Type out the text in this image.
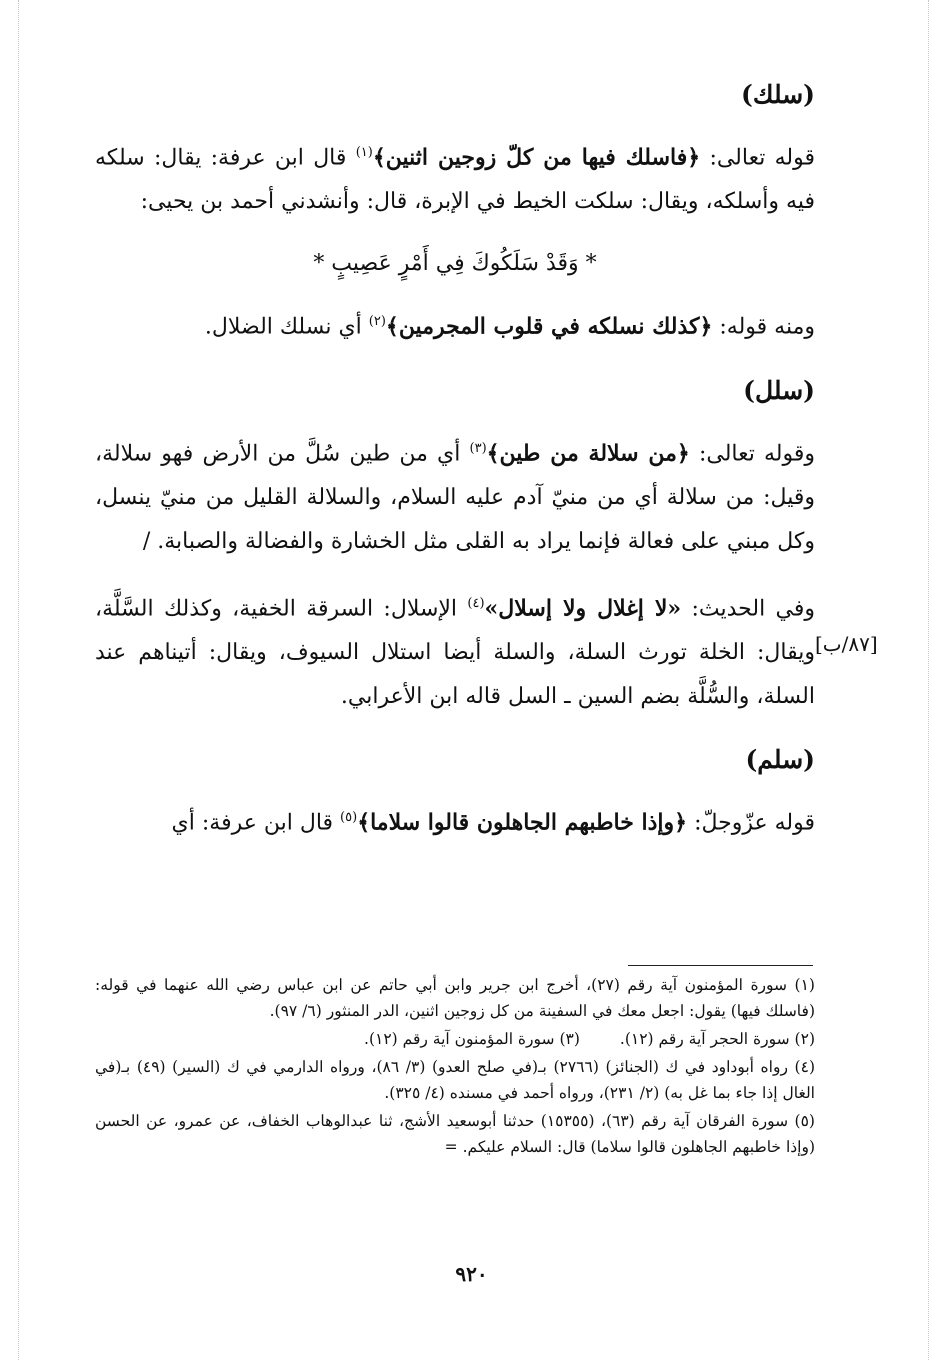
(سلك)

قوله تعالى: ﴿فاسلك فيها من كلّ زوجين اثنين﴾$^{(١)}$ قال ابن عرفة: يقال: سلكه فيه وأسلكه، ويقال: سلكت الخيط في الإبرة، قال: وأنشدني أحمد بن يحيى:

* وَقَدْ سَلَكُوكَ فِي أَمْرٍ عَصِيبٍ *

ومنه قوله: ﴿كذلك نسلكه في قلوب المجرمين﴾$^{(٢)}$ أي نسلك الضلال.

(سلل)

وقوله تعالى: ﴿من سلالة من طين﴾$^{(٣)}$ أي من طين سُلَّ من الأرض فهو سلالة، وقيل: من سلالة أي من منيّ آدم عليه السلام، والسلالة القليل من منيّ ينسل، وكل مبني على فعالة فإنما يراد به القلى مثل الخشارة والفضالة والصبابة. /

وفي الحديث: «لا إغلال ولا إسلال»$^{(٤)}$ الإسلال: السرقة الخفية، وكذلك السَّلَّة، ويقال: الخلة تورث السلة، والسلة أيضا استلال السيوف، ويقال: أتيناهم عند السلة، والسُّلَّة بضم السين ـ السل قاله ابن الأعرابي.

(سلم)

قوله عزّوجلّ: ﴿وإذا خاطبهم الجاهلون قالوا سلاما﴾$^{(٥)}$ قال ابن عرفة: أي

[٨٧/ب]

(١) سورة المؤمنون آية رقم (٢٧)، أخرج ابن جرير وابن أبي حاتم عن ابن عباس رضي الله عنهما في قوله: (فاسلك فيها) يقول: اجعل معك في السفينة من كل زوجين اثنين، الدر المنثور (٦/ ٩٧).

(٢) سورة الحجر آية رقم (١٢).
(٣) سورة المؤمنون آية رقم (١٢).

(٤) رواه أبوداود في ك (الجنائز) (٢٧٦٦) بـ(في صلح العدو) (٣/ ٨٦)، ورواه الدارمي في ك (السير) (٤٩) بـ(في الغال إذا جاء بما غل به) (٢/ ٢٣١)، ورواه أحمد في مسنده (٤/ ٣٢٥).

(٥) سورة الفرقان آية رقم (٦٣)، (١٥٣٥٥) حدثنا أبوسعيد الأشج، ثنا عبدالوهاب الخفاف، عن عمرو، عن الحسن (وإذا خاطبهم الجاهلون قالوا سلاما) قال: السلام عليكم. =

٩٢٠
